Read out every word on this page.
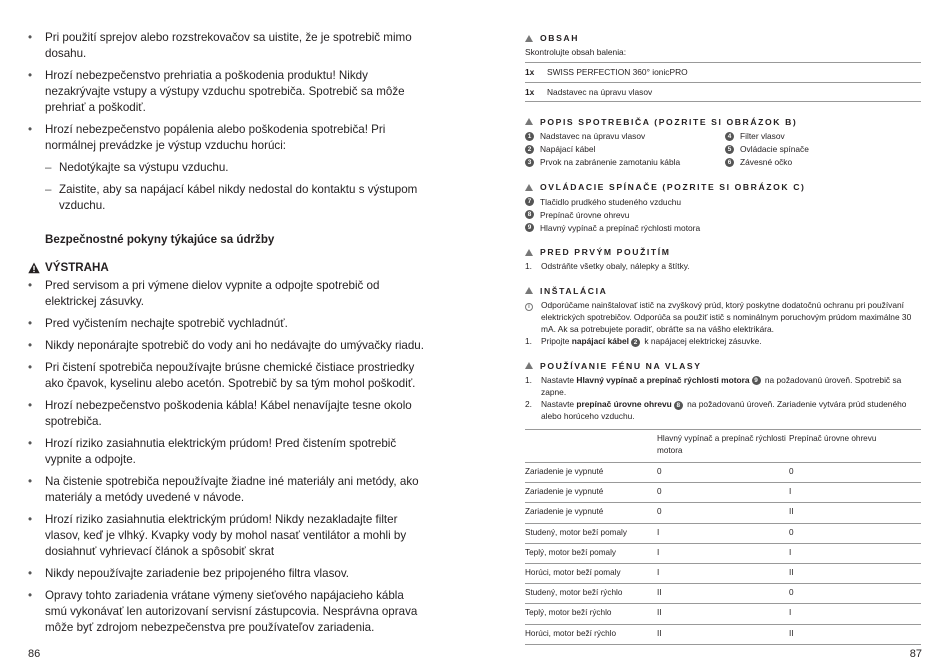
• Pri použití sprejov alebo rozstrekovačov sa uistite, že je spotrebič mimo dosahu.
• Hrozí nebezpečenstvo prehriatia a poškodenia produktu! Nikdy nezakrývajte vstupy a výstupy vzduchu spotrebiča. Spotrebič sa môže prehriať a poškodiť.
• Hrozí nebezpečenstvo popálenia alebo poškodenia spotrebiča! Pri normálnej prevádzke je výstup vzduchu horúci:
– Nedotýkajte sa výstupu vzduchu.
– Zaistite, aby sa napájací kábel nikdy nedostal do kontaktu s výstupom vzduchu.
Bezpečnostné pokyny týkajúce sa údržby
VÝSTRAHA
• Pred servisom a pri výmene dielov vypnite a odpojte spotrebič od elektrickej zásuvky.
• Pred vyčistením nechajte spotrebič vychladnúť.
• Nikdy neponárajte spotrebič do vody ani ho nedávajte do umývačky riadu.
• Pri čistení spotrebiča nepoužívajte brúsne chemické čistiace prostriedky ako čpavok, kyselinu alebo acetón. Spotrebič by sa tým mohol poškodiť.
• Hrozí nebezpečenstvo poškodenia kábla! Kábel nenavíjajte tesne okolo spotrebiča.
• Hrozí riziko zasiahnutia elektrickým prúdom! Pred čistením spotrebič vypnite a odpojte.
• Na čistenie spotrebiča nepoužívajte žiadne iné materiály ani metódy, ako materiály a metódy uvedené v návode.
• Hrozí riziko zasiahnutia elektrickým prúdom! Nikdy nezakladajte filter vlasov, keď je vlhký. Kvapky vody by mohol nasať ventilátor a mohli by dosiahnuť vyhrievací článok a spôsobiť skrat
• Nikdy nepoužívajte zariadenie bez pripojeného filtra vlasov.
• Opravy tohto zariadenia vrátane výmeny sieťového napájacieho kábla smú vykonávať len autorizovaní servisní zástupcovia. Nesprávna oprava môže byť zdrojom nebezpečenstva pre používateľov zariadenia.
86
OBSAH
Skontrolujte obsah balenia:
1x	SWISS PERFECTION 360° ionicPRO
1x	Nadstavec na úpravu vlasov
POPIS SPOTREBIČA (POZRITE SI OBRÁZOK B)
1	Nadstavec na úpravu vlasov	4	Filter vlasov
2	Napájací kábel	5	Ovládacie spínače
3	Prvok na zabránenie zamotaniu kábla	6	Závesné očko
OVLÁDACIE SPÍNAČE (POZRITE SI OBRÁZOK C)
7	Tlačidlo prudkého studeného vzduchu
8	Prepínač úrovne ohrevu
9	Hlavný vypínač a prepínač rýchlosti motora
PRED PRVÝM POUŽITÍM
1.	Odstráňte všetky obaly, nálepky a štítky.
INŠTALÁCIA
i	Odporúčame nainštalovať istič na zvyškový prúd, ktorý poskytne dodatočnú ochranu pri používaní elektrických spotrebičov. Odporúča sa použiť istič s nominálnym poruchovým prúdom maximálne 30 mA. Ak sa potrebujete poradiť, obráťte sa na vášho elektrikára.
1.	Pripojte napájací kábel 2 k napájacej elektrickej zásuvke.
POUŽÍVANIE FÉNU NA VLASY
1.	Nastavte Hlavný vypínač a prepínač rýchlosti motora 9 na požadovanú úroveň. Spotrebič sa zapne.
2.	Nastavte prepínač úrovne ohrevu 8 na požadovanú úroveň. Zariadenie vytvára prúd studeného alebo horúceho vzduchu.
	Hlavný vypínač a prepínač rýchlosti motora	Prepínač úrovne ohrevu
Zariadenie je vypnuté	0	0
Zariadenie je vypnuté	0	I
Zariadenie je vypnuté	0	II
Studený, motor beží pomaly	I	0
Teplý, motor beží pomaly	I	I
Horúci, motor beží pomaly	I	II
Studený, motor beží rýchlo	II	0
Teplý, motor beží rýchlo	II	I
Horúci, motor beží rýchlo	II	II
87
